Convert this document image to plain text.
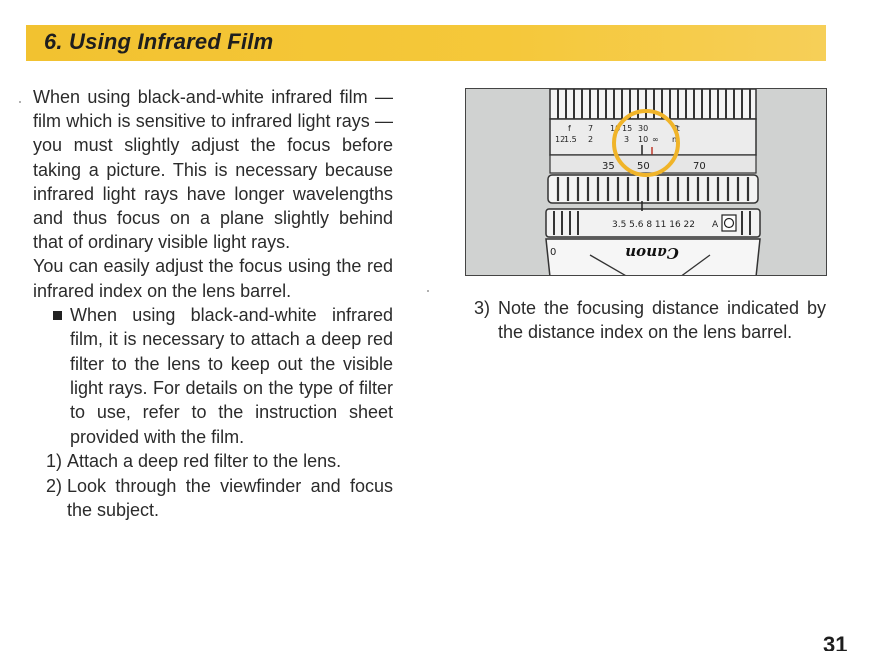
6. Using Infrared Film

When using black-and-white infrared film — film which is sensitive to infrared light rays — you must slightly adjust the focus before taking a picture. This is necessary because infrared light rays have longer wavelengths and thus focus on a plane slightly behind that of ordinary visible light rays.

You can easily adjust the focus using the red infrared index on the lens barrel.

When using black-and-white infrared film, it is necessary to attach a deep red filter to the lens to keep out the visible light rays. For details on the type of filter to use, refer to the instruction sheet provided with the film.

1) Attach a deep red filter to the lens.
2) Look through the viewfinder and focus the subject.
f 7 10 15 30	ft
12
1.5 2	3 10 ∞ m
35 50	70
3.5 5.6 8 11 16 22 A
0	Canon
3) Note the focusing distance indicated by the distance index on the lens barrel.
31
